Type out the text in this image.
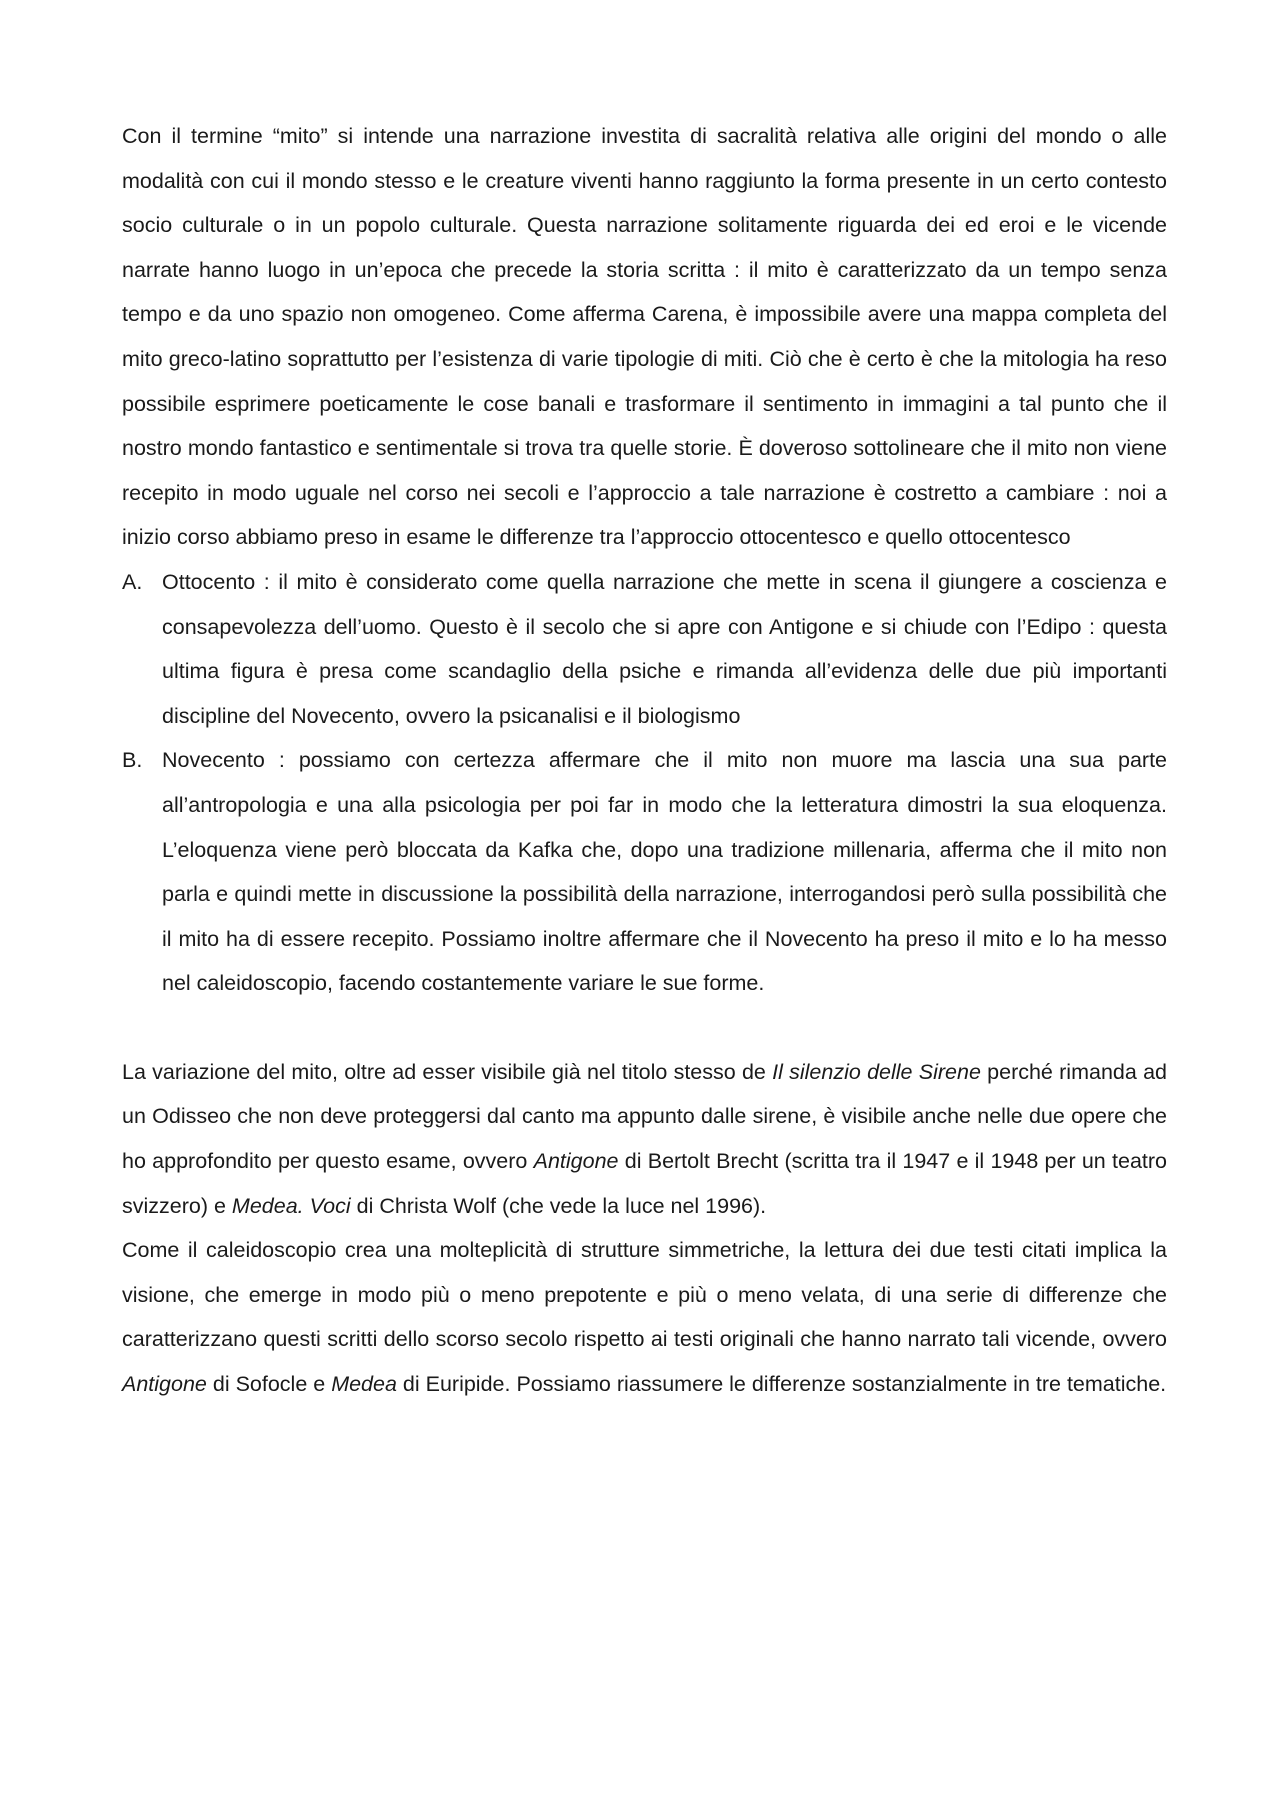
Con il termine “mito” si intende una narrazione investita di sacralità relativa alle origini del mondo o alle modalità con cui il mondo stesso e le creature viventi hanno raggiunto la forma presente in un certo contesto socio culturale o in un popolo culturale. Questa narrazione solitamente riguarda dei ed eroi e le vicende narrate hanno luogo in un’epoca che precede la storia scritta : il mito è caratterizzato da un tempo senza tempo e da uno spazio non omogeneo. Come afferma Carena, è impossibile avere una mappa completa del mito greco-latino soprattutto per l’esistenza di varie tipologie di miti. Ciò che è certo è che la mitologia ha reso possibile esprimere poeticamente le cose banali e trasformare il sentimento in immagini a tal punto che il nostro mondo fantastico e sentimentale si trova tra quelle storie. È doveroso sottolineare che il mito non viene recepito in modo uguale nel corso nei secoli e l’approccio a tale narrazione è costretto a cambiare : noi a inizio corso abbiamo preso in esame le differenze tra l’approccio ottocentesco e quello ottocentesco

A. Ottocento : il mito è considerato come quella narrazione che mette in scena il giungere a coscienza e consapevolezza dell’uomo. Questo è il secolo che si apre con Antigone e si chiude con l’Edipo : questa ultima figura è presa come scandaglio della psiche e rimanda all’evidenza delle due più importanti discipline del Novecento, ovvero la psicanalisi e il biologismo
B. Novecento : possiamo con certezza affermare che il mito non muore ma lascia una sua parte all’antropologia e una alla psicologia per poi far in modo che la letteratura dimostri la sua eloquenza. L’eloquenza viene però bloccata da Kafka che, dopo una tradizione millenaria, afferma che il mito non parla e quindi mette in discussione la possibilità della narrazione, interrogandosi però sulla possibilità che il mito ha di essere recepito. Possiamo inoltre affermare che il Novecento ha preso il mito e lo ha messo nel caleidoscopio, facendo costantemente variare le sue forme.

La variazione del mito, oltre ad esser visibile già nel titolo stesso de Il silenzio delle Sirene perché rimanda ad un Odisseo che non deve proteggersi dal canto ma appunto dalle sirene, è visibile anche nelle due opere che ho approfondito per questo esame, ovvero Antigone di Bertolt Brecht (scritta tra il 1947 e il 1948 per un teatro svizzero) e Medea. Voci di Christa Wolf (che vede la luce nel 1996).

Come il caleidoscopio crea una molteplicità di strutture simmetriche, la lettura dei due testi citati implica la visione, che emerge in modo più o meno prepotente e più o meno velata, di una serie di differenze che caratterizzano questi scritti dello scorso secolo rispetto ai testi originali che hanno narrato tali vicende, ovvero Antigone di Sofocle e Medea di Euripide. Possiamo riassumere le differenze sostanzialmente in tre tematiche.
